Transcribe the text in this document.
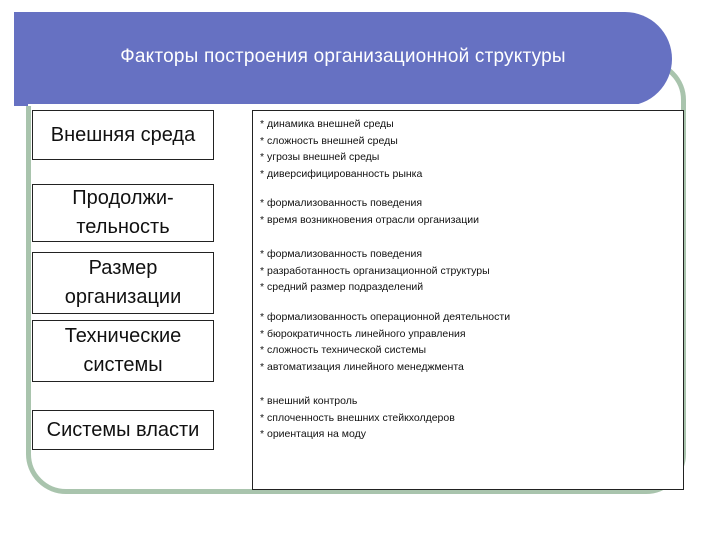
Факторы построения организационной структуры
Внешняя среда
Продолжи-
тельность
Размер организации
Технические системы
Системы власти
* динамика внешней среды
* сложность внешней среды
* угрозы внешней среды
* диверсифицированность рынка
* формализованность поведения
* время возникновения отрасли организации
* формализованность поведения
* разработанность организационной структуры
* средний размер подразделений
* формализованность операционной деятельности
* бюрократичность линейного управления
* сложность технической системы
* автоматизация линейного менеджмента
* внешний контроль
* сплоченность внешних стейкхолдеров
* ориентация на моду
